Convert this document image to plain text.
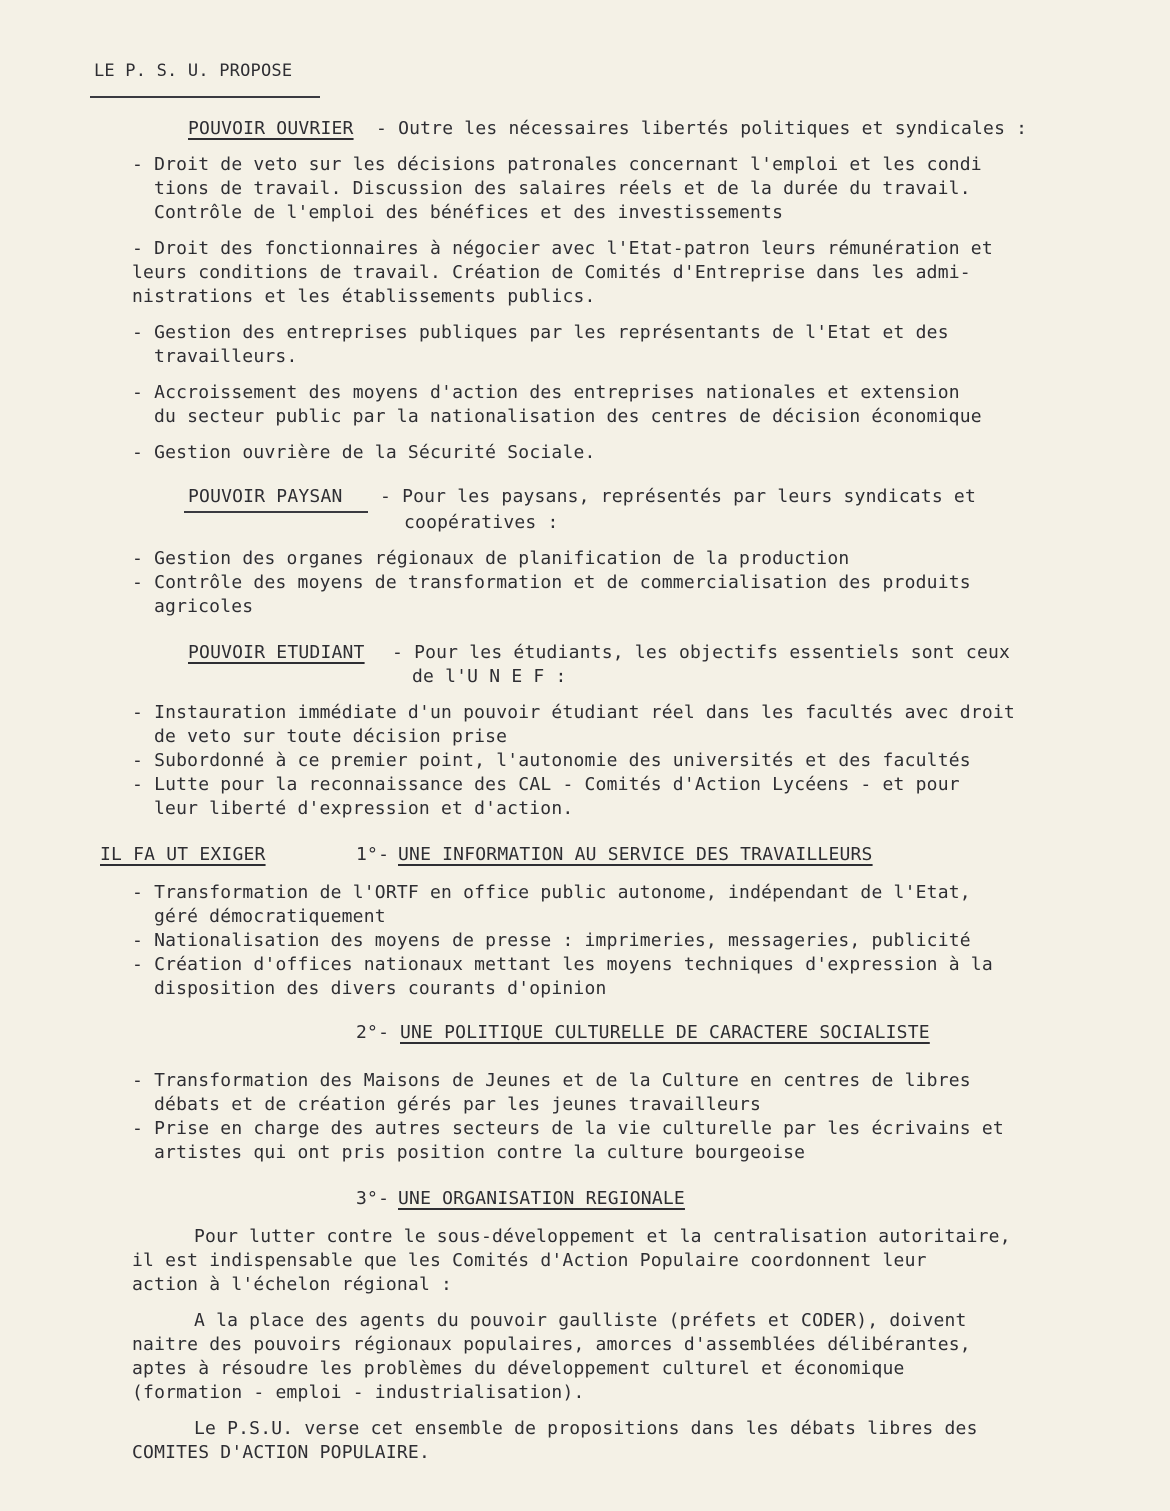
LE P. S. U. PROPOSE
POUVOIR OUVRIER - Outre les nécessaires libertés politiques et syndicales :
- Droit de veto sur les décisions patronales concernant l'emploi et les condi
tions de travail. Discussion des salaires réels et de la durée du travail.
Contrôle de l'emploi des bénéfices et des investissements
- Droit des fonctionnaires à négocier avec l'Etat-patron leurs rémunération et
leurs conditions de travail. Création de Comités d'Entreprise dans les admi-
nistrations et les établissements publics.
- Gestion des entreprises publiques par les représentants de l'Etat et des
travailleurs.
- Accroissement des moyens d'action des entreprises nationales et extension
du secteur public par la nationalisation des centres de décision économique
- Gestion ouvrière de la Sécurité Sociale.
POUVOIR PAYSAN - Pour les paysans, représentés par leurs syndicats et
coopératives :
- Gestion des organes régionaux de planification de la production
- Contrôle des moyens de transformation et de commercialisation des produits
agricoles
POUVOIR ETUDIANT - Pour les étudiants, les objectifs essentiels sont ceux
de l'U N E F :
- Instauration immédiate d'un pouvoir étudiant réel dans les facultés avec droit
de veto sur toute décision prise
- Subordonné à ce premier point, l'autonomie des universités et des facultés
- Lutte pour la reconnaissance des CAL - Comités d'Action Lycéens - et pour
leur liberté d'expression et d'action.
IL FA UT EXIGER	1°- UNE INFORMATION AU SERVICE DES TRAVAILLEURS
- Transformation de l'ORTF en office public autonome, indépendant de l'Etat,
géré démocratiquement
- Nationalisation des moyens de presse : imprimeries, messageries, publicité
- Création d'offices nationaux mettant les moyens techniques d'expression à la
disposition des divers courants d'opinion
2°- UNE POLITIQUE CULTURELLE DE CARACTERE SOCIALISTE
- Transformation des Maisons de Jeunes et de la Culture en centres de libres
débats et de création gérés par les jeunes travailleurs
- Prise en charge des autres secteurs de la vie culturelle par les écrivains et
artistes qui ont pris position contre la culture bourgeoise
3°- UNE ORGANISATION REGIONALE
Pour lutter contre le sous-développement et la centralisation autoritaire,
il est indispensable que les Comités d'Action Populaire coordonnent leur
action à l'échelon régional :
A la place des agents du pouvoir gaulliste (préfets et CODER), doivent
naitre des pouvoirs régionaux populaires, amorces d'assemblées délibérantes,
aptes à résoudre les problèmes du développement culturel et économique
(formation - emploi - industrialisation).
Le P.S.U. verse cet ensemble de propositions dans les débats libres des
COMITES D'ACTION POPULAIRE.
